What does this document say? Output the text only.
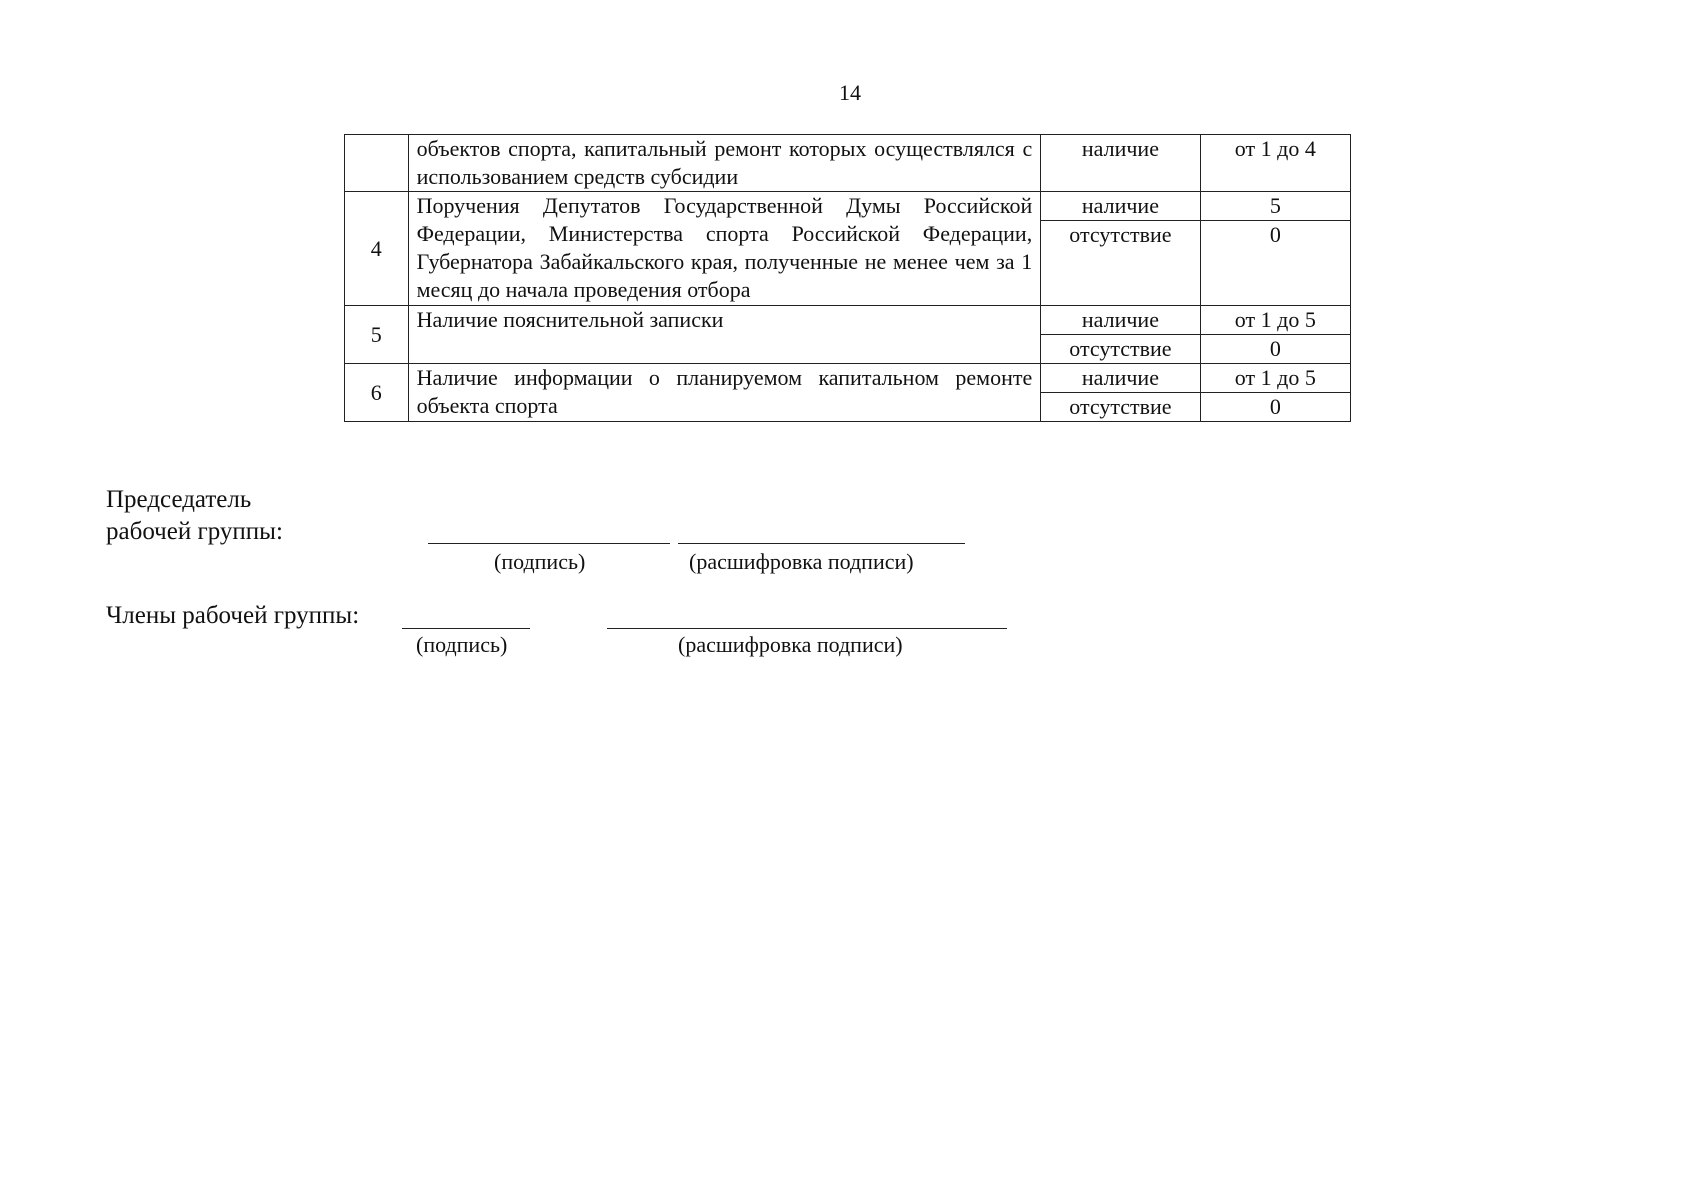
14
	объектов спорта, капитальный ремонт которых осуществлялся с использованием средств субсидии	наличие	от 1 до 4
4	Поручения Депутатов Государственной Думы Российской Федерации, Министерства спорта Российской Федерации, Губернатора Забайкальского края, полученные не менее чем за 1 месяц до начала проведения отбора	наличие	5
		отсутствие	0
5	Наличие пояснительной записки	наличие	от 1 до 5
		отсутствие	0
6	Наличие информации о планируемом капитальном ремонте объекта спорта	наличие	от 1 до 5
		отсутствие	0
Председатель
рабочей группы:
(подпись)	(расшифровка подписи)
Члены рабочей группы:
(подпись)	(расшифровка подписи)
